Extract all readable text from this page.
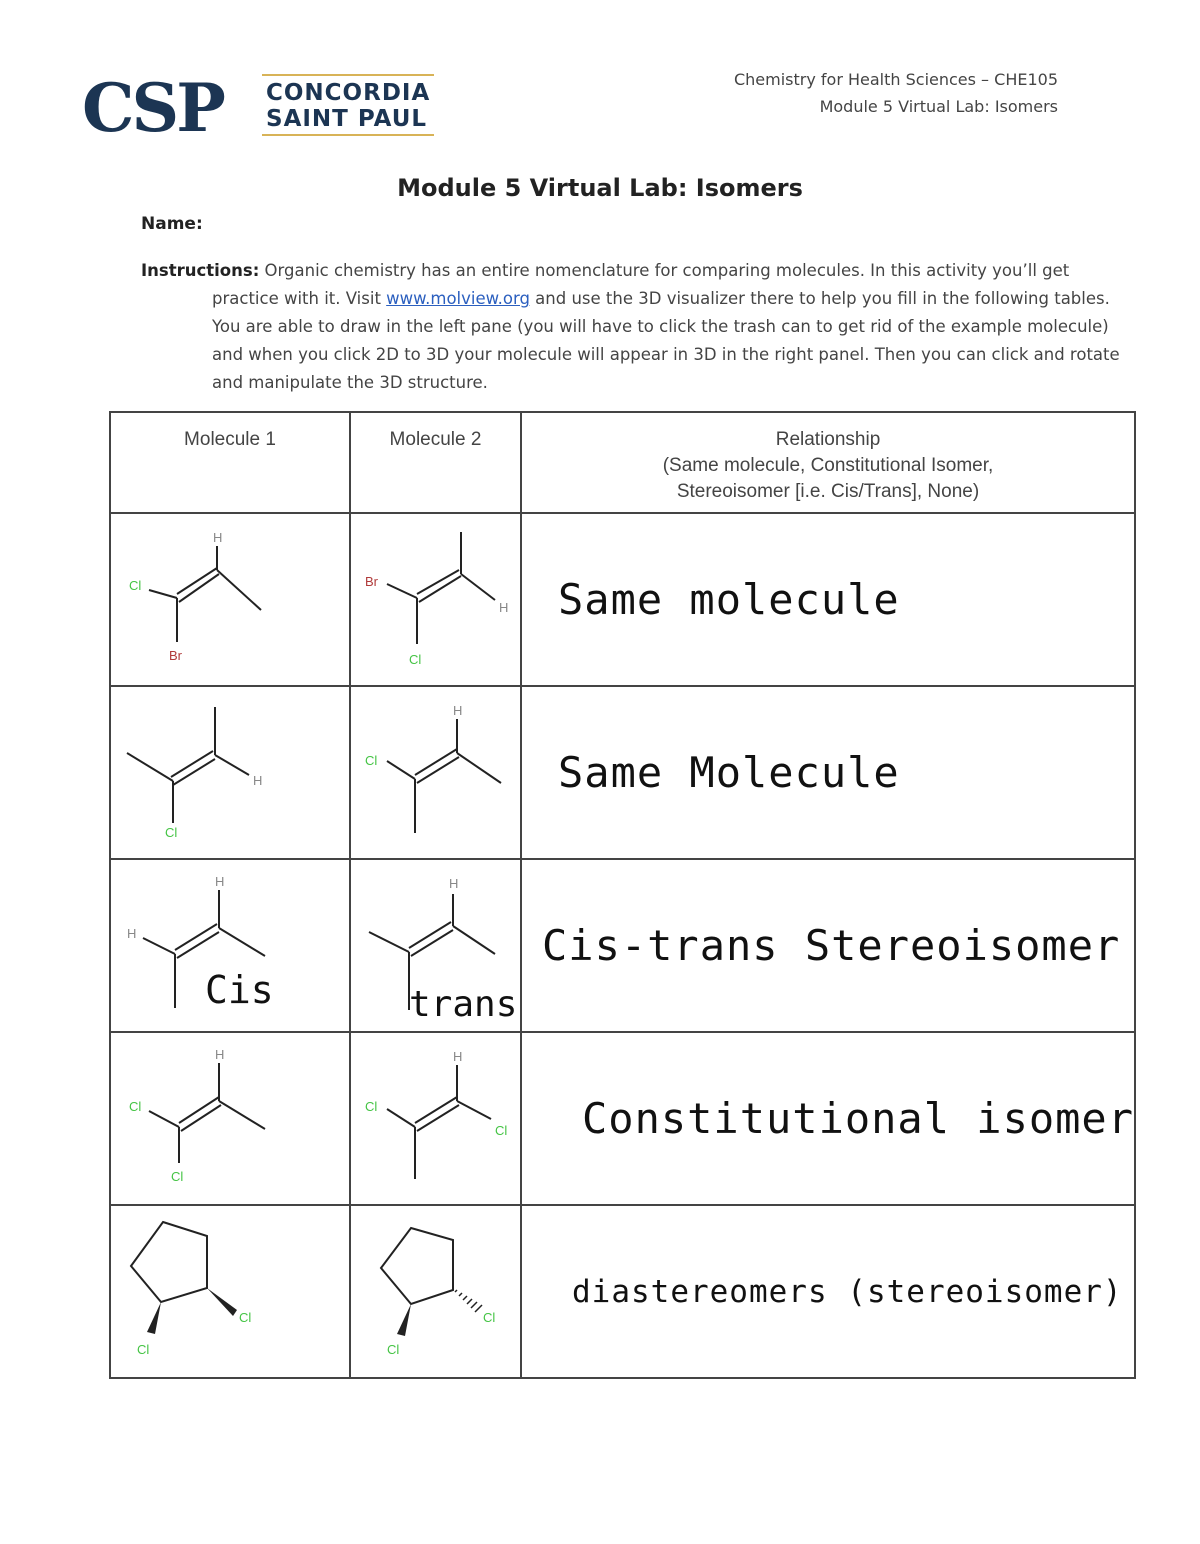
CSP CONCORDIA
SAINT PAUL
Chemistry for Health Sciences – CHE105
Module 5 Virtual Lab: Isomers
Module 5 Virtual Lab: Isomers
Name:
Instructions: Organic chemistry has an entire nomenclature for comparing molecules. In this activity you’ll get practice with it. Visit www.molview.org and use the 3D visualizer there to help you fill in the following tables. You are able to draw in the left pane (you will have to click the trash can to get rid of the example molecule) and when you click 2D to 3D your molecule will appear in 3D in the right panel. Then you can click and rotate and manipulate the 3D structure.
Molecule 1	Molecule 2	Relationship
(Same molecule, Constitutional Isomer,
Stereoisomer [i.e. Cis/Trans], None)

H
Cl
Br	H
Br
Cl	Same molecule

H
Cl	H
Cl	Same Molecule

H
H
Cis	H
trans	Cis-trans Stereoisomer

H
Cl
Cl	H
Cl
Cl	Constitutional isomer

Cl
Cl	Cl
Cl	diastereomers (stereoisomer)
